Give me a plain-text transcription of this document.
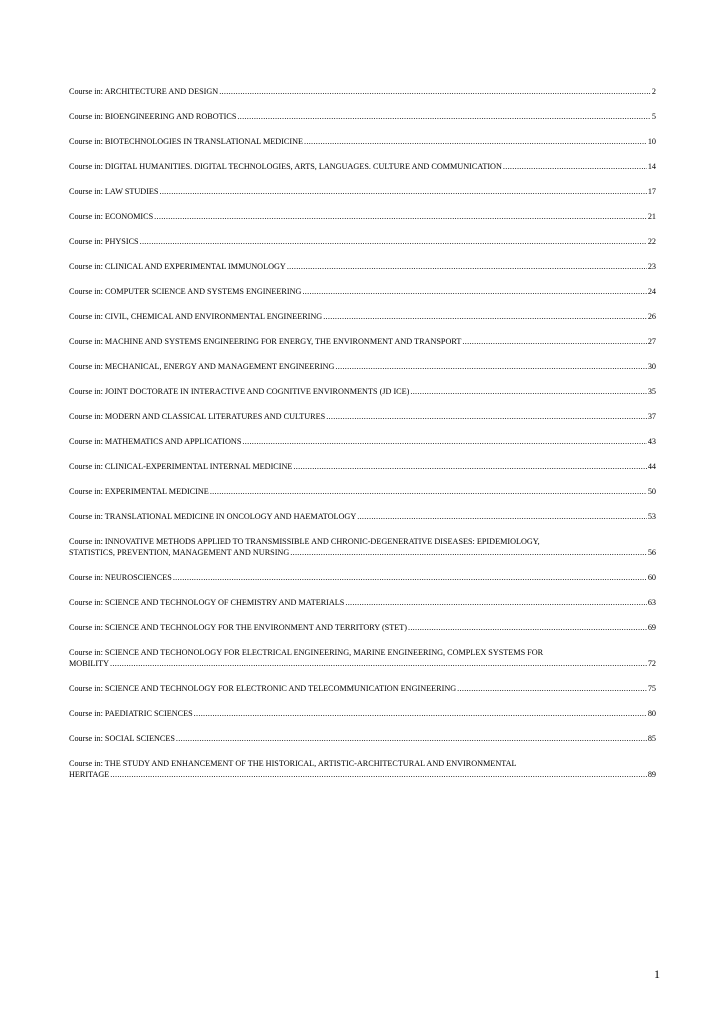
Course in: ARCHITECTURE AND DESIGN .....	2
Course in: BIOENGINEERING AND ROBOTICS .....	5
Course in: BIOTECHNOLOGIES IN TRANSLATIONAL MEDICINE .....	10
Course in: DIGITAL HUMANITIES. DIGITAL TECHNOLOGIES, ARTS, LANGUAGES. CULTURE AND COMMUNICATION .....	14
Course in: LAW STUDIES .....	17
Course in: ECONOMICS .....	21
Course in: PHYSICS .....	22
Course in: CLINICAL AND EXPERIMENTAL IMMUNOLOGY .....	23
Course in: COMPUTER SCIENCE AND SYSTEMS ENGINEERING .....	24
Course in: CIVIL, CHEMICAL AND ENVIRONMENTAL ENGINEERING .....	26
Course in: MACHINE AND SYSTEMS ENGINEERING FOR ENERGY, THE ENVIRONMENT AND TRANSPORT .....	27
Course in: MECHANICAL, ENERGY AND MANAGEMENT ENGINEERING .....	30
Course in: JOINT DOCTORATE IN INTERACTIVE AND COGNITIVE ENVIRONMENTS (JD ICE) .....	35
Course in: MODERN AND CLASSICAL LITERATURES AND CULTURES .....	37
Course in: MATHEMATICS AND APPLICATIONS .....	43
Course in: CLINICAL-EXPERIMENTAL INTERNAL MEDICINE .....	44
Course in: EXPERIMENTAL MEDICINE .....	50
Course in: TRANSLATIONAL MEDICINE IN ONCOLOGY AND HAEMATOLOGY .....	53
Course in: INNOVATIVE METHODS APPLIED TO TRANSMISSIBLE AND CHRONIC-DEGENERATIVE DISEASES: EPIDEMIOLOGY,
STATISTICS, PREVENTION, MANAGEMENT AND NURSING .....	56
Course in: NEUROSCIENCES .....	60
Course in: SCIENCE AND TECHNOLOGY OF CHEMISTRY AND MATERIALS .....	63
Course in: SCIENCE AND TECHNOLOGY FOR THE ENVIRONMENT AND TERRITORY (STET) .....	69
Course in: SCIENCE AND TECHONOLOGY FOR ELECTRICAL ENGINEERING, MARINE ENGINEERING, COMPLEX SYSTEMS FOR
MOBILITY .....	72
Course in: SCIENCE AND TECHNOLOGY FOR ELECTRONIC AND TELECOMMUNICATION ENGINEERING .....	75
Course in: PAEDIATRIC SCIENCES .....	80
Course in: SOCIAL SCIENCES .....	85
Course in: THE STUDY AND ENHANCEMENT OF THE HISTORICAL, ARTISTIC-ARCHITECTURAL AND ENVIRONMENTAL
HERITAGE .....	89
1
